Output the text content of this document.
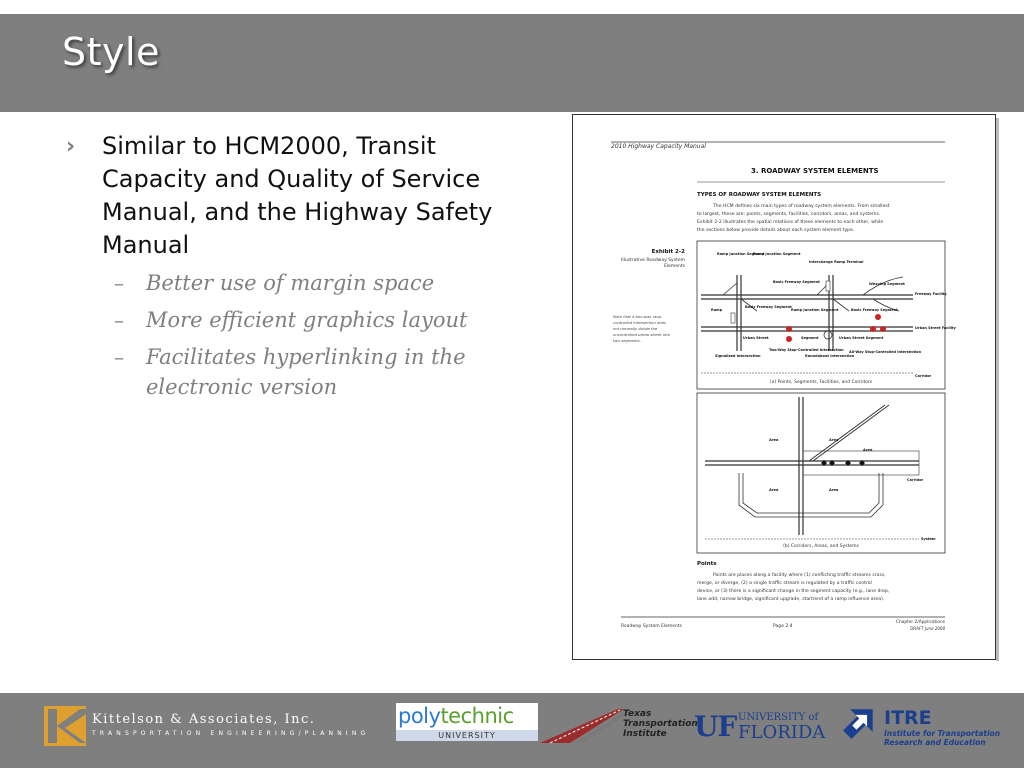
Style
›	Similar to HCM2000, Transit Capacity and Quality of Service Manual, and the Highway Safety Manual
–	Better use of margin space
–	More efficient graphics layout
–	Facilitates hyperlinking in the electronic version
2010 Highway Capacity Manual
3. ROADWAY SYSTEM ELEMENTS
TYPES OF ROADWAY SYSTEM ELEMENTS
The HCM defines six main types of roadway system elements. From smallest
to largest, these are: points, segments, facilities, corridors, areas, and systems.
Exhibit 2-2 illustrates the spatial relations of these elements to each other, while
the sections below provide details about each system element type.
Exhibit 2-2
Illustrative Roadway System
Elements
Note that a two-way stop-
controlled intersection does
not normally divide the
uncontrolled urban street into
two segments.
Ramp Junction Segment
Ramp Junction Segment
Basic Freeway Segment
Interchange Ramp Terminal
Weaving Segment
Freeway Facility
Ramp
Basic Freeway Segment
Ramp Junction Segment	Basic Freeway Segment
Urban Street	Segment	Urban Street Segment
Urban Street Facility
Signalized Intersection
Two-Way Stop-Controlled Intersection
Roundabout Intersection
All-Way Stop-Controlled Intersection
Corridor
(a) Points, Segments, Facilities, and Corridors
Area	Area
Area
Area	Area
Corridor
System
(b) Corridors, Areas, and Systems
Points
Points are places along a facility where (1) conflicting traffic streams cross,
merge, or diverge, (2) a single traffic stream is regulated by a traffic control
device, or (3) there is a significant change in the segment capacity (e.g., lane drop,
lane add, narrow bridge, significant upgrade, start/end of a ramp influence area).
Roadway System Elements	Page 2-4
Chapter 2/Applications
DRAFT June 2008
Kittelson & Associates, Inc.
TRANSPORTATION ENGINEERING/PLANNING
polytechnic
UNIVERSITY
Texas
Transportation
Institute UF UNIVERSITY of
FLORIDA
ITRE
Institute for Transportation
Research and Education
